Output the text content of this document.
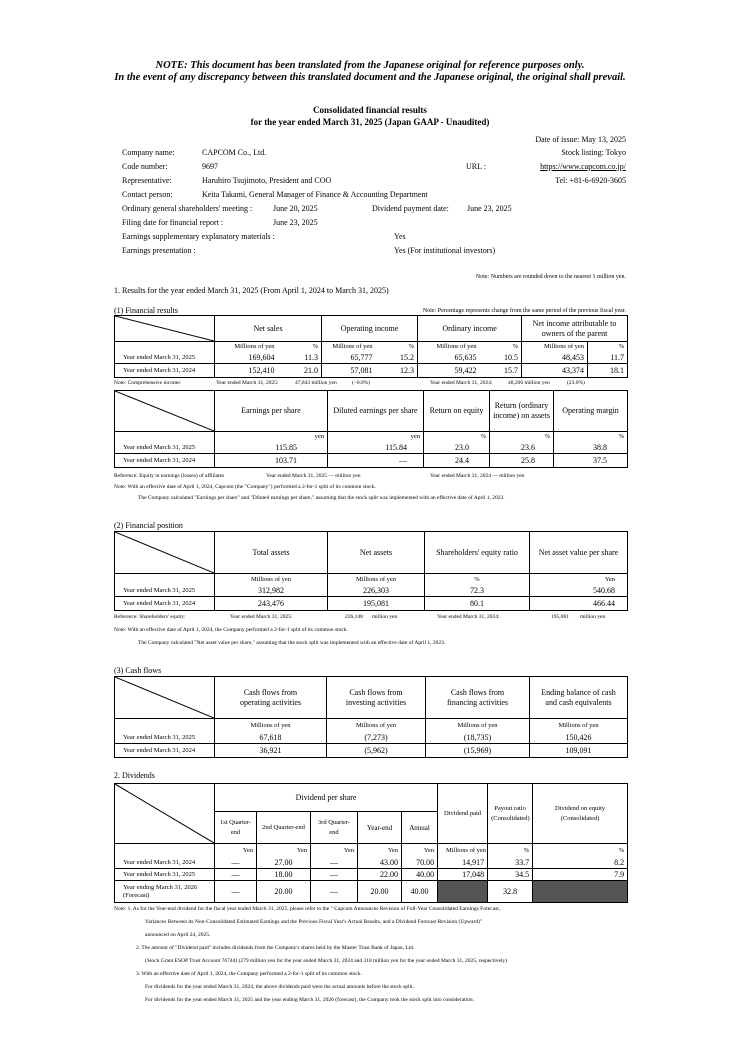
NOTE: This document has been translated from the Japanese original for reference purposes only.
In the event of any discrepancy between this translated document and the Japanese original, the original shall prevail.
Consolidated financial results
for the year ended March 31, 2025 (Japan GAAP - Unaudited)
Date of issue: May 13, 2025
Company name:	CAPCOM Co., Ltd.	Stock listing: Tokyo
Code number:	9697	URL :	https://www.capcom.co.jp/
Representative:	Haruhiro Tsujimoto, President and COO	Tel: +81-6-6920-3605
Contact person:	Keita Takami, General Manager of Finance & Accounting Department
Ordinary general shareholders' meeting :	June 20, 2025	Dividend payment date: June 23, 2025
Filing date for financial report :	June 23, 2025
Earnings supplementary explanatory materials :	Yes
Earnings presentation :	Yes (For institutional investors)
Note: Numbers are rounded down to the nearest 1 million yen.
1. Results for the year ended March 31, 2025 (From April 1, 2024 to March 31, 2025)
(1) Financial results	Note: Percentage represents change from the same period of the previous fiscal year.
	Net sales		Operating income		Ordinary income		Net income attributable to owners of the parent	
	Millions of yen	%	Millions of yen	%	Millions of yen	%	Millions of yen	%
Year ended March 31, 2025	169,604	11.3	65,777	15.2	65,635	10.5	48,453	11.7
Year ended March 31, 2024	152,410	21.0	57,081	12.3	59,422	15.7	43,374	18.1
Note: Comprehensive income:	Year ended March 31, 2025:	47,843 million yen	(−0.8%)	Year ended March 31, 2024:	48,206 million yen	(23.0%)
	Earnings per share	Diluted earnings per share	Return on equity	Return (ordinary income) on assets	Operating margin
	yen	yen	%	%	%
Year ended March 31, 2025	115.85	115.84	23.0	23.6	38.8
Year ended March 31, 2024	103.71	—	24.4	25.8	37.5
Reference: Equity in earnings (losses) of affiliates	Year ended March 31, 2025 — million yen	Year ended March 31, 2024 — million yen
Note: With an effective date of April 1, 2024, Capcom (the "Company") performed a 2-for-1 split of its common stock.
The Company calculated "Earnings per share" and "Diluted earnings per share," assuming that the stock split was implemented with an effective date of April 1, 2023.
(2) Financial position
	Total assets	Net assets	Shareholders' equity ratio	Net asset value per share
	Millions of yen	Millions of yen	%	Yen
Year ended March 31, 2025	312,982	226,303	72.3	540.68
Year ended March 31, 2024	243,476	195,081	80.1	466.44
Reference: Shareholders' equity:	Year ended March 31, 2025:	226,148 million yen	Year ended March 31, 2024:	195,081 million yen
Note: With an effective date of April 1, 2024, the Company performed a 2-for-1 split of its common stock.
The Company calculated "Net asset value per share," assuming that the stock split was implemented with an effective date of April 1, 2023.
(3) Cash flows
	Cash flows from operating activities	Cash flows from investing activities	Cash flows from financing activities	Ending balance of cash and cash equivalents
	Millions of yen	Millions of yen	Millions of yen	Millions of yen
Year ended March 31, 2025	67,618	(7,273)	(18,735)	150,426
Year ended March 31, 2024	36,921	(5,962)	(15,969)	109,091
2. Dividends
	Dividend per share					Dividend paid	Payout ratio (Consolidated)	Dividend on equity (Consolidated)
	1st Quarter-end	2nd Quarter-end	3rd Quarter-end	Year-end	Annual			
	Yen	Yen	Yen	Yen	Yen	Millions of yen	%	%
Year ended March 31, 2024	—	27.00	—	43.00	70.00	14,917	33.7	8.2
Year ended March 31, 2025	—	18.00	—	22.00	40.00	17,048	34.5	7.9
Year ending March 31, 2026 (Forecast)	—	20.00	—	20.00	40.00		32.8	
Note: 1. As for the Year-end dividend for the fiscal year ended March 31, 2025, please refer to the " Capcom Announces Revision of Full-Year Consolidated Earnings Forecast,
Variances Between its Non-Consolidated Estimated Earnings and the Previous Fiscal Year's Actual Results, and a Dividend Forecast Revision (Upward)"
announced on April 24, 2025.
2. The amount of "Dividend paid" includes dividends from the Company's shares held by the Master Trust Bank of Japan, Ltd.
(Stock Grant ESOP Trust Account 76744) (279 million yen for the year ended March 31, 2024 and 318 million yen for the year ended March 31, 2025, respectively)
3. With an effective date of April 1, 2024, the Company performed a 2-for-1 split of its common stock.
For dividends for the year ended March 31, 2024, the above dividends paid were the actual amounts before the stock split.
For dividends for the year ended March 31, 2025 and the year ending March 31, 2026 (forecast), the Company took the stock split into consideration.
